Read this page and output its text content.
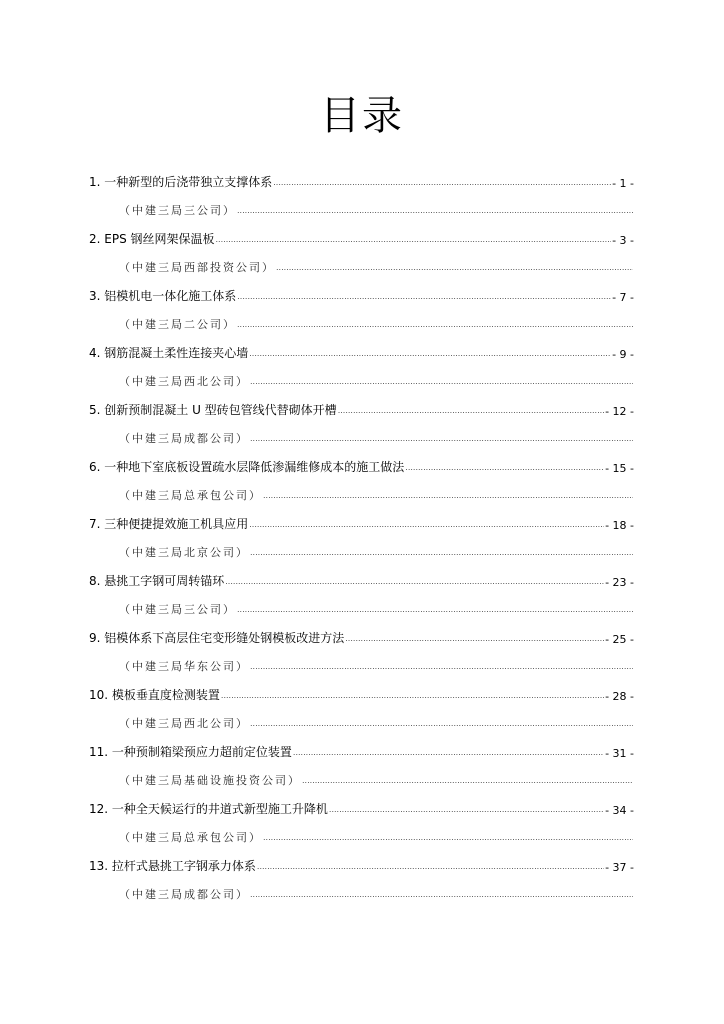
目录
1. 一种新型的后浇带独立支撑体系 .....	- 1 -
（中建三局三公司）
.....
2. EPS 钢丝网架保温板 .....	- 3 -
（中建三局西部投资公司）
.....
3. 铝模机电一体化施工体系 .....	- 7 -
（中建三局二公司）
.....
4. 钢筋混凝土柔性连接夹心墙 .....	- 9 -
（中建三局西北公司）
.....
5. 创新预制混凝土 U 型砖包管线代替砌体开槽 .....	- 12 -
（中建三局成都公司）
.....
6. 一种地下室底板设置疏水层降低渗漏维修成本的施工做法 .....	- 15 -
（中建三局总承包公司）
.....
7. 三种便捷提效施工机具应用 .....	- 18 -
（中建三局北京公司）
.....
8. 悬挑工字钢可周转锚环 .....	- 23 -
（中建三局三公司）
.....
9. 铝模体系下高层住宅变形缝处钢模板改进方法 .....	- 25 -
（中建三局华东公司）
.....
10. 模板垂直度检测装置 .....	- 28 -
（中建三局西北公司）
.....
11. 一种预制箱梁预应力超前定位装置 .....	- 31 -
（中建三局基础设施投资公司）
.....
12. 一种全天候运行的井道式新型施工升降机 .....	- 34 -
（中建三局总承包公司）
.....
13. 拉杆式悬挑工字钢承力体系 .....	- 37 -
（中建三局成都公司）
.....
